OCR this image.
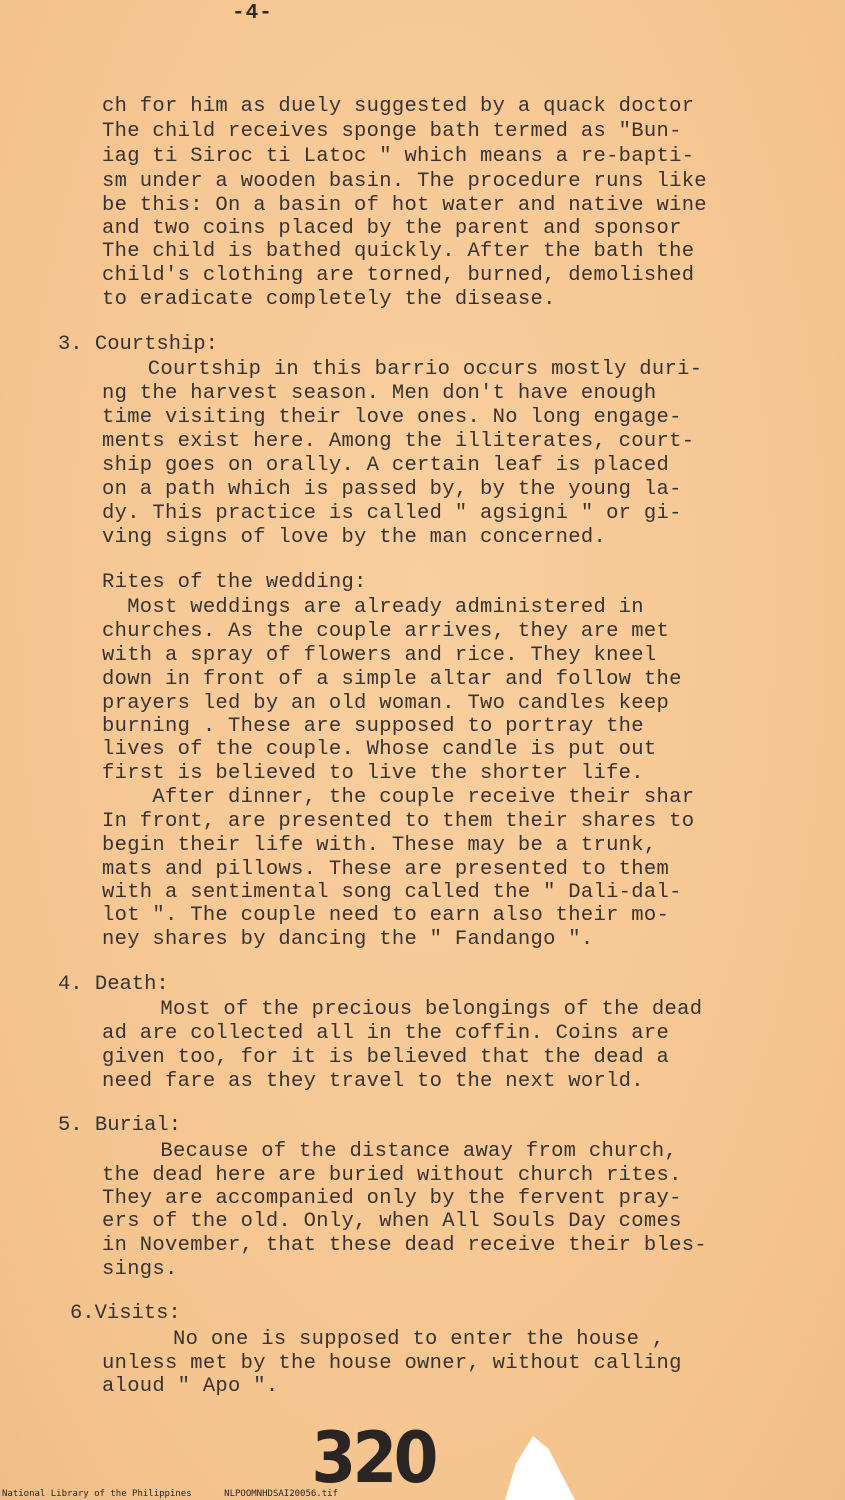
-4-
ch for him as duely suggested by a quack doctor
The child receives sponge bath termed as "Bun-
iag ti Siroc ti Latoc " which means a re-bapti-
sm under a wooden basin. The procedure runs like
be this: On a basin of hot water and native wine
and two coins placed by the parent and sponsor
The child is bathed quickly. After the bath the
child's clothing are torned, burned, demolished
to eradicate completely the disease.
3. Courtship:
Courtship in this barrio occurs mostly duri-
ng the harvest season. Men don't have enough
time visiting their love ones. No long engage-
ments exist here. Among the illiterates, court-
ship goes on orally. A certain leaf is placed
on a path which is passed by, by the young la-
dy. This practice is called " agsigni " or gi-
ving signs of love by the man concerned.
Rites of the wedding:
Most weddings are already administered in
churches. As the couple arrives, they are met
with a spray of flowers and rice. They kneel
down in front of a simple altar and follow the
prayers led by an old woman. Two candles keep
burning . These are supposed to portray the
lives of the couple. Whose candle is put out
first is believed to live the shorter life.
After dinner, the couple receive their shar
In front, are presented to them their shares to
begin their life with. These may be a trunk,
mats and pillows. These are presented to them
with a sentimental song called the " Dali-dal-
lot ". The couple need to earn also their mo-
ney shares by dancing the " Fandango ".
4. Death:
Most of the precious belongings of the dead
ad are collected all in the coffin. Coins are
given too, for it is believed that the dead a
need fare as they travel to the next world.
5. Burial:
Because of the distance away from church,
the dead here are buried without church rites.
They are accompanied only by the fervent pray-
ers of the old. Only, when All Souls Day comes
in November, that these dead receive their bles-
sings.
6.Visits:
No one is supposed to enter the house ,
unless met by the house owner, without calling
aloud " Apo ".
320
National Library of the Philippines	NLPOOMNHDSAI20056.tif
